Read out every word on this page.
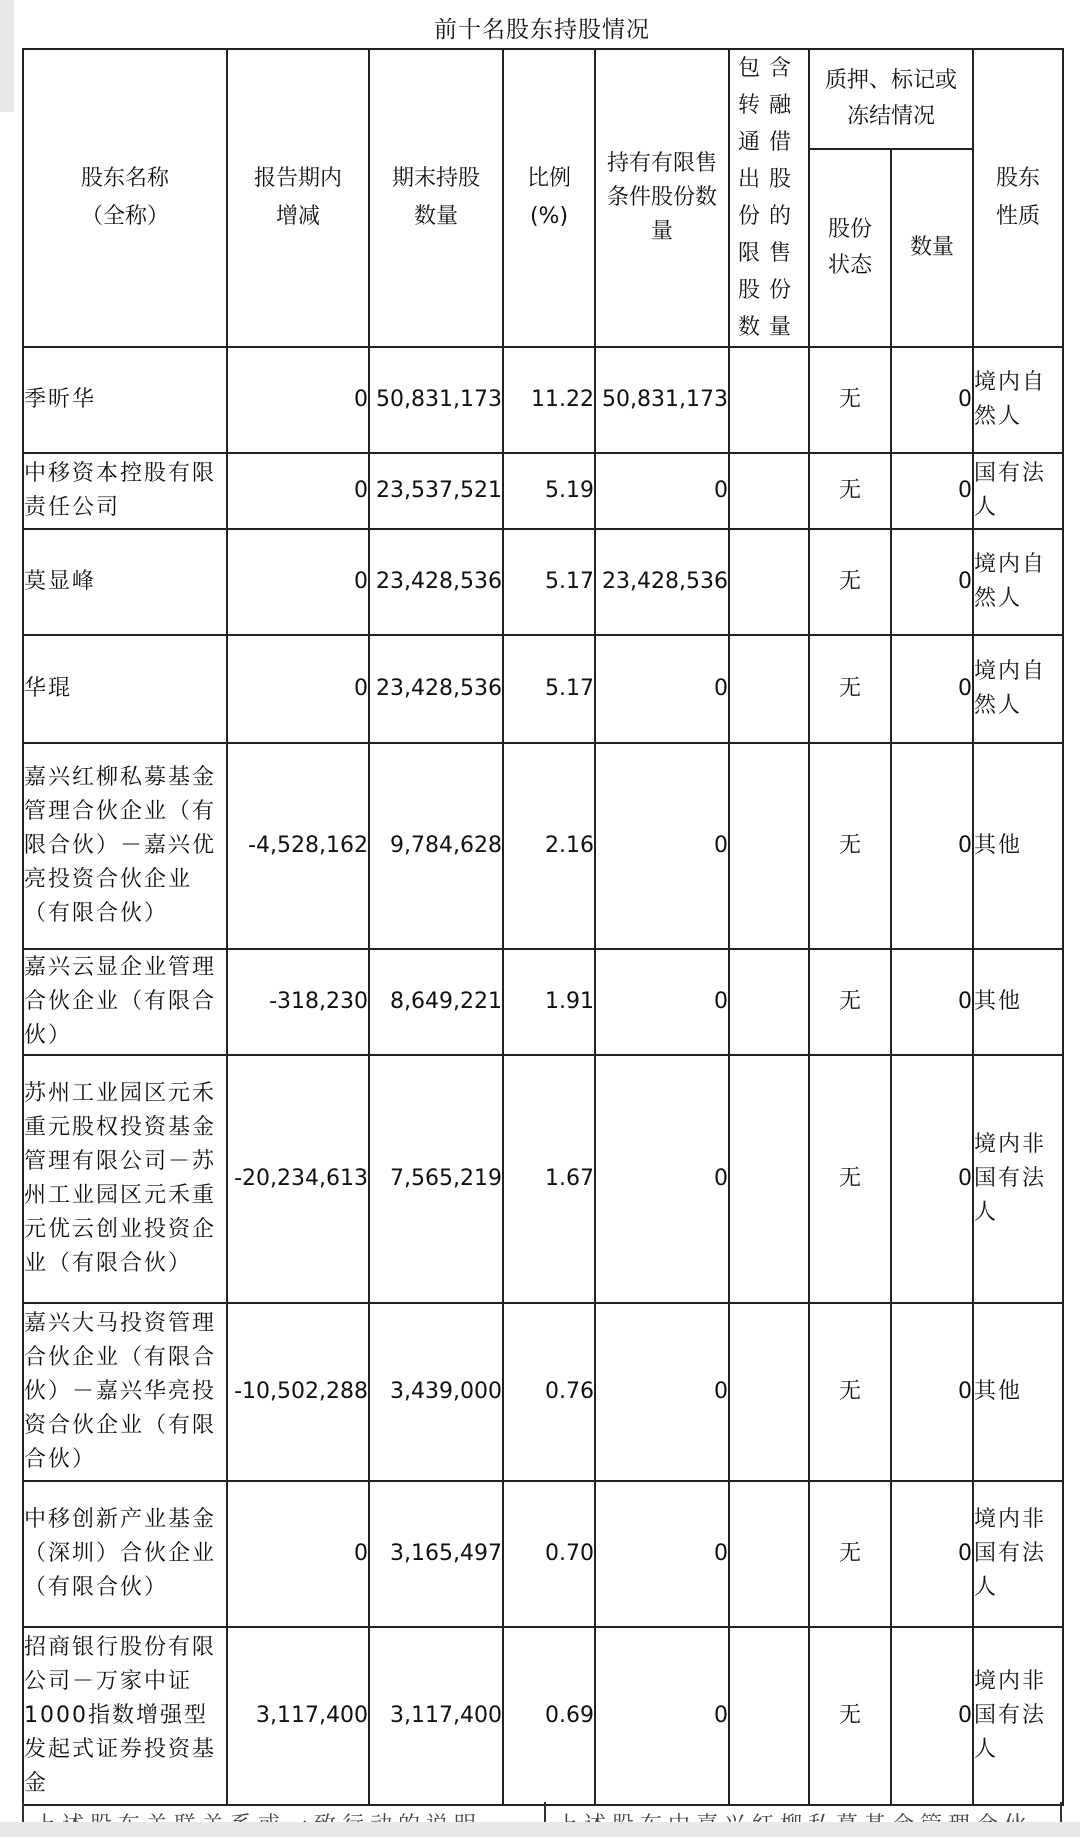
前十名股东持股情况
股东名称（全称）	报告期内增减	期末持股数量	比例(%)	持有有限售条件股份数量	包含转融通借出股份的限售股份数量	质押、标记或冻结情况		股东性质

						股份状态	数量	
季昕华	0	50,831,173	11.22	50,831,173		无	0	境内自然人
中移资本控股有限责任公司	0	23,537,521	5.19	0		无	0	国有法人
莫显峰	0	23,428,536	5.17	23,428,536		无	0	境内自然人
华琨	0	23,428,536	5.17	0		无	0	境内自然人
嘉兴红柳私募基金管理合伙企业（有限合伙）－嘉兴优亮投资合伙企业（有限合伙）	-4,528,162	9,784,628	2.16	0		无	0	其他
嘉兴云显企业管理合伙企业（有限合伙）	-318,230	8,649,221	1.91	0		无	0	其他
苏州工业园区元禾重元股权投资基金管理有限公司－苏州工业园区元禾重元优云创业投资企业（有限合伙）	-20,234,613	7,565,219	1.67	0		无	0	境内非国有法人
嘉兴大马投资管理合伙企业（有限合伙）－嘉兴华亮投资合伙企业（有限合伙）	-10,502,288	3,439,000	0.76	0		无	0	其他
中移创新产业基金（深圳）合伙企业（有限合伙）	0	3,165,497	0.70	0		无	0	境内非国有法人
招商银行股份有限公司－万家中证1000指数增强型发起式证券投资基金	3,117,400	3,117,400	0.69	0		无	0	境内非国有法人
